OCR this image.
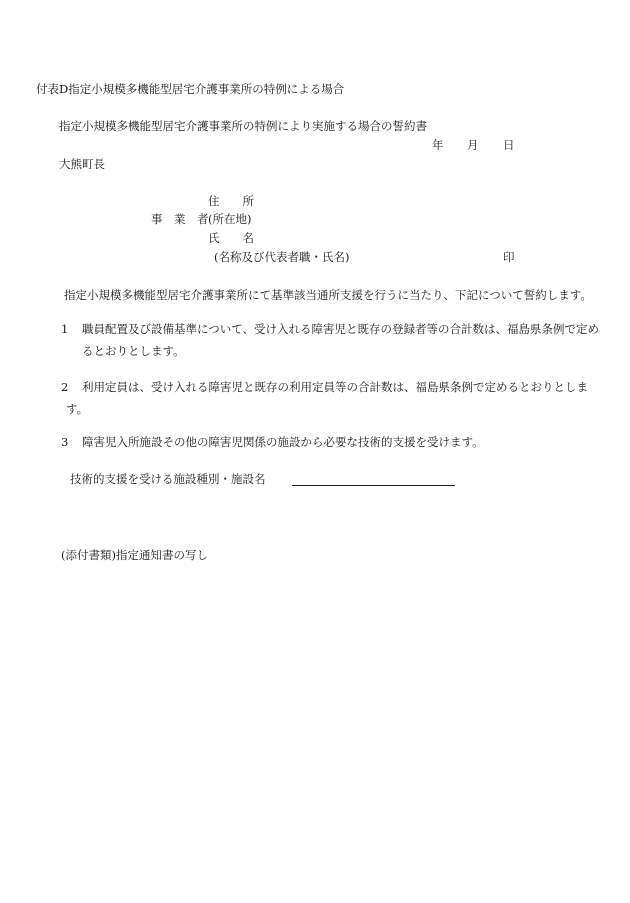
付表D指定小規模多機能型居宅介護事業所の特例による場合
指定小規模多機能型居宅介護事業所の特例により実施する場合の誓約書
年 月 日
大熊町長
住　　所
事　業　者 (所在地)
氏　　名
(名称及び代表者職・氏名)	印
指定小規模多機能型居宅介護事業所にて基準該当通所支援を行うに当たり、下記について誓約します。
1 職員配置及び設備基準について、受け入れる障害児と既存の登録者等の合計数は、福島県条例で定めるとおりとします。
2	利用定員は、受け入れる障害児と既存の利用定員等の合計数は、福島県条例で定めるとおりとします。
3 障害児入所施設その他の障害児関係の施設から必要な技術的支援を受けます。
技術的支援を受ける施設種別・施設名
(添付書類)指定通知書の写し
